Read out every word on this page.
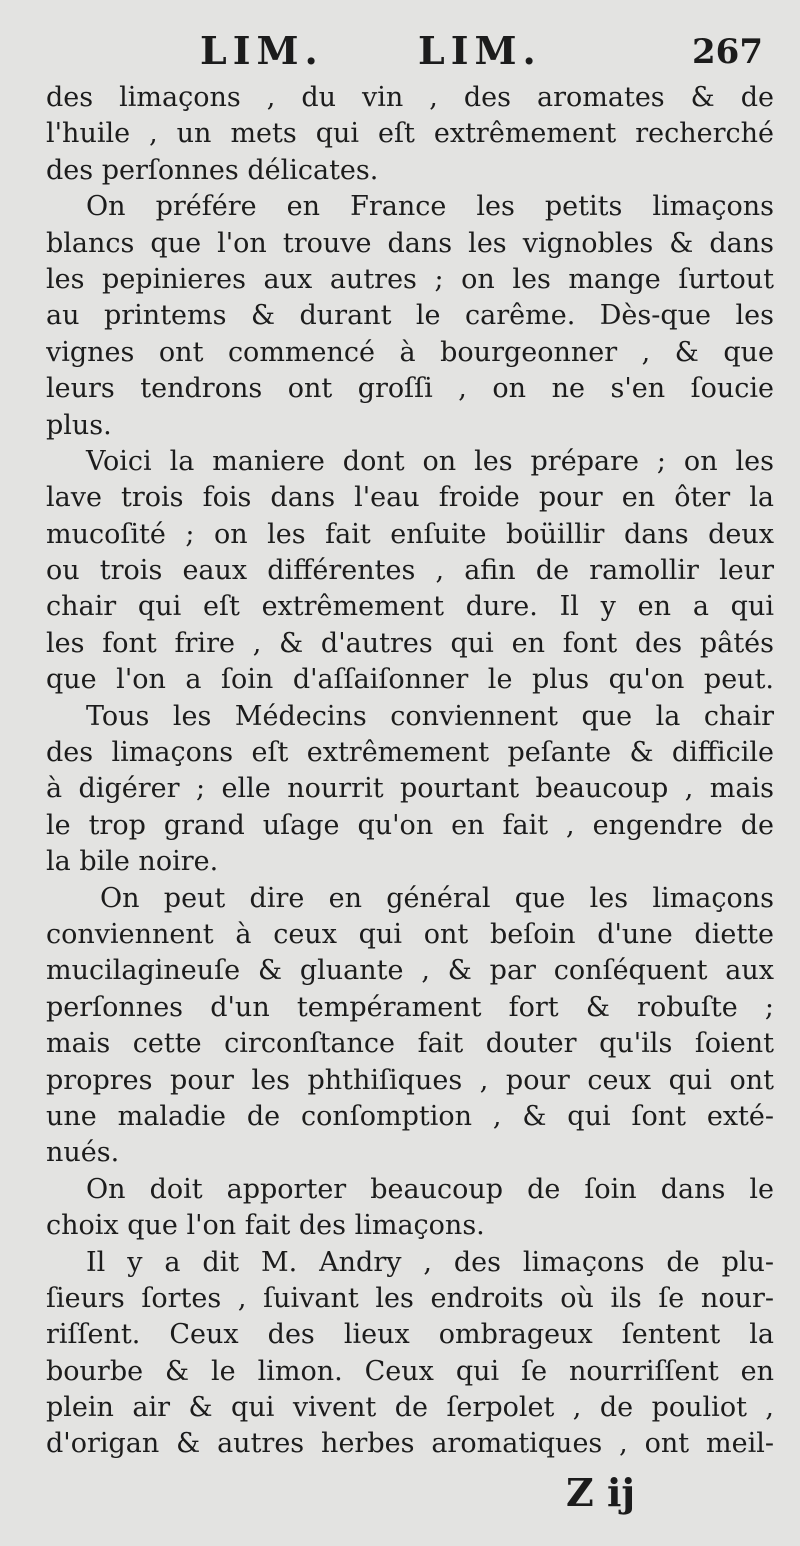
LIM. LIM.	267
des limaçons , du vin , des aromates & de
l'huile , un mets qui eſt extrêmement recherché
des perſonnes délicates.
On préfére en France les petits limaçons
blancs que l'on trouve dans les vignobles & dans
les pepinieres aux autres ; on les mange ſurtout
au printems & durant le carême. Dès-que les
vignes ont commencé à bourgeonner , & que
leurs tendrons ont groſſi , on ne s'en ſoucie
plus.
Voici la maniere dont on les prépare ; on les
lave trois fois dans l'eau froide pour en ôter la
mucoſité ; on les fait enſuite boüillir dans deux
ou trois eaux différentes , afin de ramollir leur
chair qui eſt extrêmement dure. Il y en a qui
les font frire , & d'autres qui en font des pâtés
que l'on a ſoin d'aſſaiſonner le plus qu'on peut.
Tous les Médecins conviennent que la chair
des limaçons eſt extrêmement peſante & difficile
à digérer ; elle nourrit pourtant beaucoup , mais
le trop grand uſage qu'on en fait , engendre de
la bile noire.
On peut dire en général que les limaçons
conviennent à ceux qui ont beſoin d'une diette
mucilagineuſe & gluante , & par conſéquent aux
perſonnes d'un tempérament fort & robuſte ;
mais cette circonſtance fait douter qu'ils ſoient
propres pour les phthiſiques , pour ceux qui ont
une maladie de conſomption , & qui ſont exté-
nués.
On doit apporter beaucoup de ſoin dans le
choix que l'on fait des limaçons.
Il y a dit M. Andry , des limaçons de plu-
ſieurs ſortes , ſuivant les endroits où ils ſe nour-
riſſent. Ceux des lieux ombrageux ſentent la
bourbe & le limon. Ceux qui ſe nourriſſent en
plein air & qui vivent de ſerpolet , de pouliot ,
d'origan & autres herbes aromatiques , ont meil-
Z ij
